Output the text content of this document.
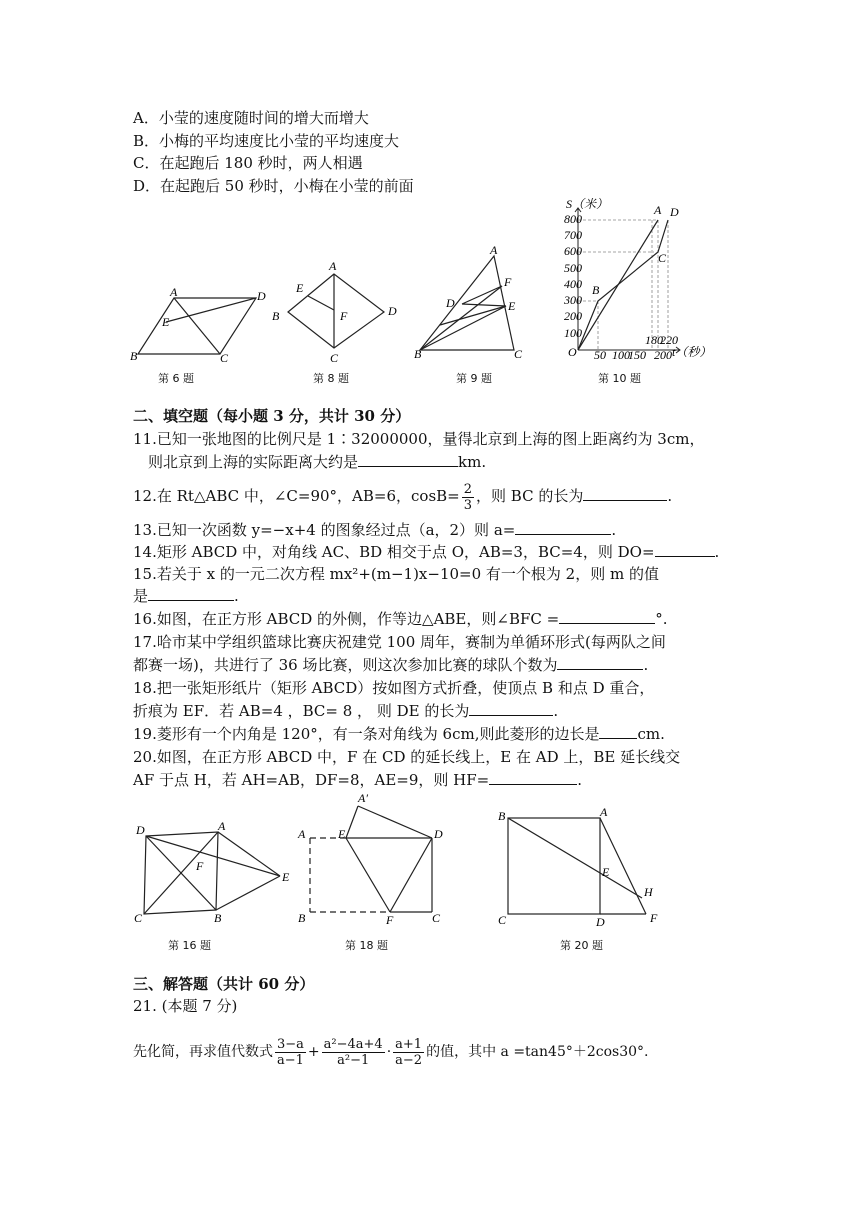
A．小莹的速度随时间的增大而增大
B．小梅的平均速度比小莹的平均速度大
C．在起跑后 180 秒时，两人相遇
D．在起跑后 50 秒时，小梅在小莹的前面
A	D
E
B	C
第 6 题
A
E
B	F	D
C
第 8 题
A
F
D	E
B	C
第 9 题
S（米）	A D
C
B
O	t（秒）
800
700
600
500
400
300
200
100
50 100
150
180
200
220
第 10 题
二、填空题（每小题 3 分，共计 30 分）
11.已知一张地图的比例尺是 1∶32000000，量得北京到上海的图上距离约为 3cm，
则北京到上海的实际距离大约是	km.
12.在 Rt△ABC 中，∠C=90°，AB=6，$\cos B= \frac{2}{3}$ ，则 BC 的长为	.
13.已知一次函数 y=−x+4 的图象经过点（a，2）则 a=	.
14.矩形 ABCD 中，对角线 AC、BD 相交于点 O，AB=3，BC=4，则 DO=	.
15.若关于 x 的一元二次方程 mx²+(m−1)x−10=0 有一个根为 2，则 m 的值
是	.
16.如图，在正方形 ABCD 的外侧，作等边△ABE，则∠BFC =	°.
17.哈市某中学组织篮球比赛庆祝建党 100 周年，赛制为单循环形式(每两队之间
都赛一场)，共进行了 36 场比赛，则这次参加比赛的球队个数为	.
18.把一张矩形纸片（矩形 ABCD）按如图方式折叠，使顶点 B 和点 D 重合，
折痕为 EF．若 AB=4 ，BC= 8 ， 则 DE 的长为	.
19.菱形有一个内角是 120°，有一条对角线为 6cm,则此菱形的边长是	cm.
20.如图，在正方形 ABCD 中，F 在 CD 的延长线上，E 在 AD 上，BE 延长线交
AF 于点 H，若 AH=AB，DF=8，AE=9，则 HF=	.
D	A
F
E
C	B
第 16 题
A′
A	E	D
B	F	C
第 18 题
B	A
E
H
C	D	F
第 20 题
三、解答题（共计 60 分）
21. (本题 7 分)
先化简，再求值代数式 $\frac{3-a}{a-1} + \frac{\text{a²−4a+4}}{\text{a²−1}} \cdot \frac{a+1}{a-2}$ 的值，其中 a =tan45°＋2cos30°.
